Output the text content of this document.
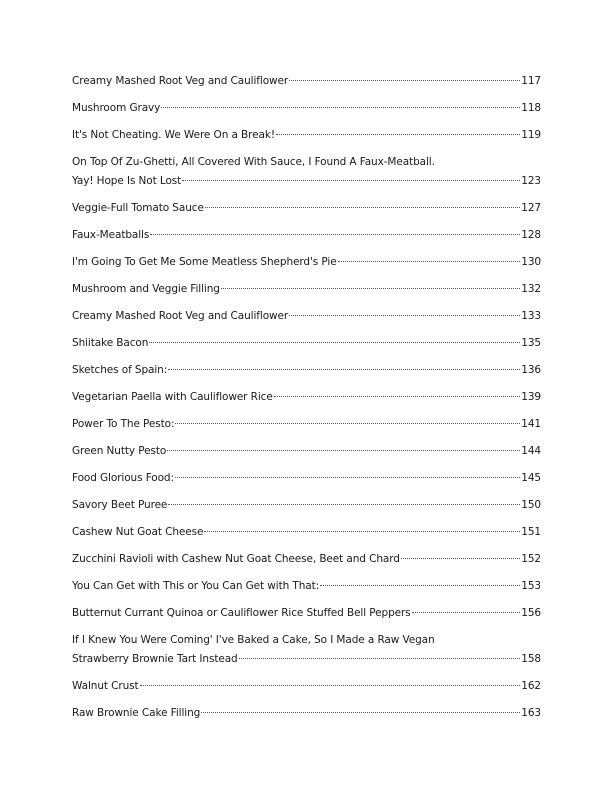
Creamy Mashed Root Veg and Cauliflower	117
Mushroom Gravy	118
It's Not Cheating. We Were On a Break!	119
On Top Of Zu-Ghetti, All Covered With Sauce, I Found A Faux-Meatball.
Yay! Hope Is Not Lost	123
Veggie-Full Tomato Sauce	127
Faux-Meatballs	128
I'm Going To Get Me Some Meatless Shepherd's Pie	130
Mushroom and Veggie Filling	132
Creamy Mashed Root Veg and Cauliflower	133
Shiitake Bacon	135
Sketches of Spain:	136
Vegetarian Paella with Cauliflower Rice	139
Power To The Pesto:	141
Green Nutty Pesto	144
Food Glorious Food:	145
Savory Beet Puree	150
Cashew Nut Goat Cheese	151
Zucchini Ravioli with Cashew Nut Goat Cheese, Beet and Chard	152
You Can Get with This or You Can Get with That:	153
Butternut Currant Quinoa or Cauliflower Rice Stuffed Bell Peppers	156
If I Knew You Were Coming' I've Baked a Cake, So I Made a Raw Vegan
Strawberry Brownie Tart Instead	158
Walnut Crust	162
Raw Brownie Cake Filling	163
